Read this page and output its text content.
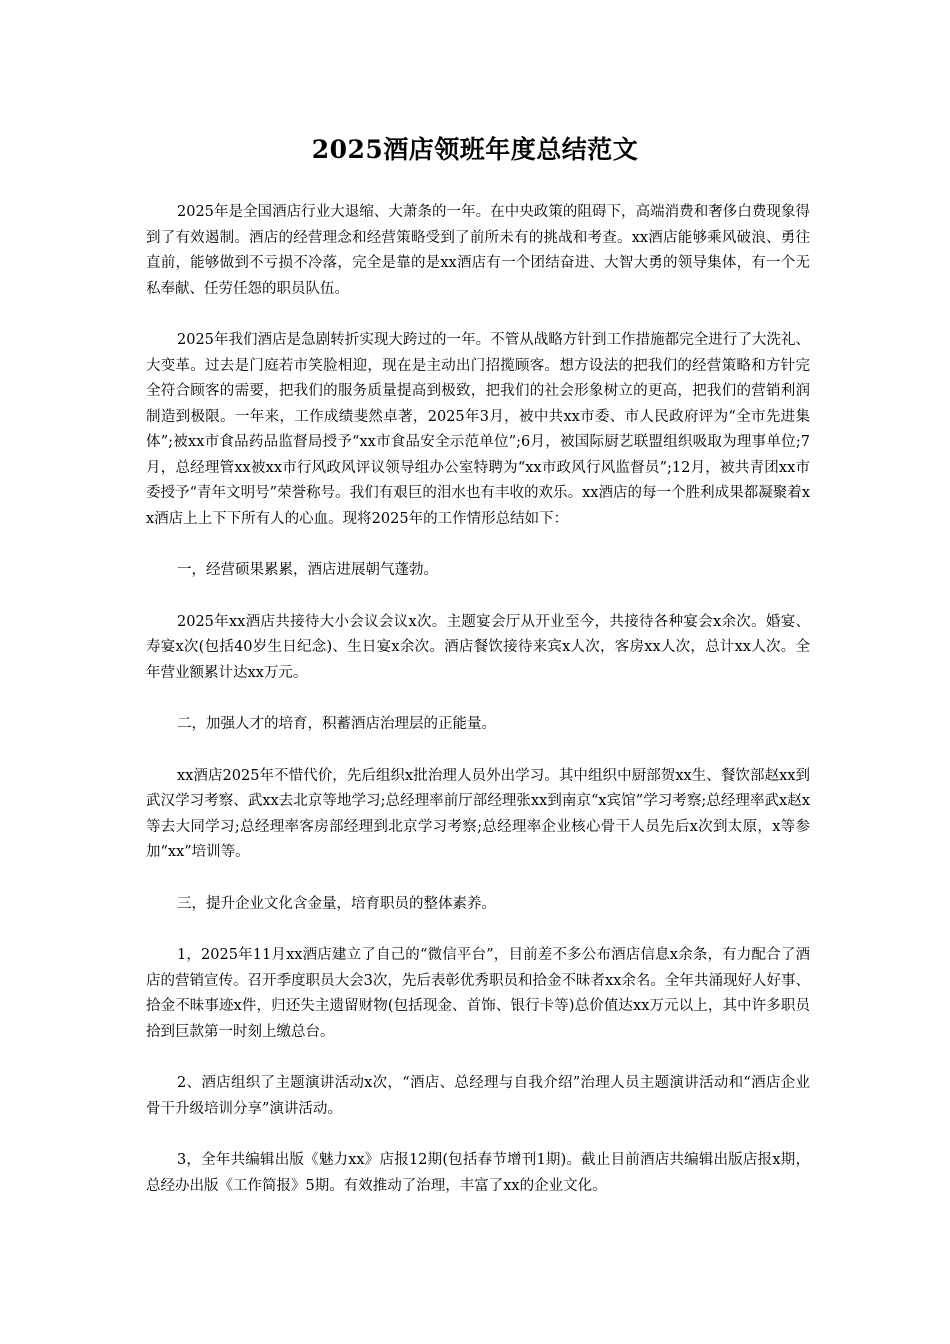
2025酒店领班年度总结范文

2025年是全国酒店行业大退缩、大萧条的一年。在中央政策的阻碍下，高端消费和奢侈白费现象得到了有效遏制。酒店的经营理念和经营策略受到了前所未有的挑战和考查。xx酒店能够乘风破浪、勇往直前，能够做到不亏损不冷落，完全是靠的是xx酒店有一个团结奋进、大智大勇的领导集体，有一个无私奉献、任劳任怨的职员队伍。

2025年我们酒店是急剧转折实现大跨过的一年。不管从战略方针到工作措施都完全进行了大洗礼、大变革。过去是门庭若市笑脸相迎，现在是主动出门招揽顾客。想方设法的把我们的经营策略和方针完全符合顾客的需要，把我们的服务质量提高到极致，把我们的社会形象树立的更高，把我们的营销利润制造到极限。一年来，工作成绩斐然卓著，2025年3月，被中共xx市委、市人民政府评为“全市先进集体”;被xx市食品药品监督局授予“xx市食品安全示范单位”;6月，被国际厨艺联盟组织吸取为理事单位;7月，总经理管xx被xx市行风政风评议领导组办公室特聘为“xx市政风行风监督员”;12月，被共青团xx市委授予“青年文明号”荣誉称号。我们有艰巨的泪水也有丰收的欢乐。xx酒店的每一个胜利成果都凝聚着xx酒店上上下下所有人的心血。现将2025年的工作情形总结如下：

一，经营硕果累累，酒店进展朝气蓬勃。

2025年xx酒店共接待大小会议会议x次。主题宴会厅从开业至今，共接待各种宴会x余次。婚宴、寿宴x次(包括40岁生日纪念)、生日宴x余次。酒店餐饮接待来宾x人次，客房xx人次，总计xx人次。全年营业额累计达xx万元。

二，加强人才的培育，积蓄酒店治理层的正能量。

xx酒店2025年不惜代价，先后组织x批治理人员外出学习。其中组织中厨部贺xx生、餐饮部赵xx到武汉学习考察、武xx去北京等地学习;总经理率前厅部经理张xx到南京“x宾馆”学习考察;总经理率武x赵x等去大同学习;总经理率客房部经理到北京学习考察;总经理率企业核心骨干人员先后x次到太原，x等参加“xx”培训等。

三，提升企业文化含金量，培育职员的整体素养。

1，2025年11月xx酒店建立了自己的“微信平台”，目前差不多公布酒店信息x余条，有力配合了酒店的营销宣传。召开季度职员大会3次，先后表彰优秀职员和拾金不昧者xx余名。全年共涌现好人好事、拾金不昧事迹x件，归还失主遗留财物(包括现金、首饰、银行卡等)总价值达xx万元以上，其中许多职员拾到巨款第一时刻上缴总台。

2、酒店组织了主题演讲活动x次，“酒店、总经理与自我介绍”治理人员主题演讲活动和“酒店企业骨干升级培训分享”演讲活动。

3，全年共编辑出版《魅力xx》店报12期(包括春节增刊1期)。截止目前酒店共编辑出版店报x期，总经办出版《工作简报》5期。有效推动了治理，丰富了xx的企业文化。
